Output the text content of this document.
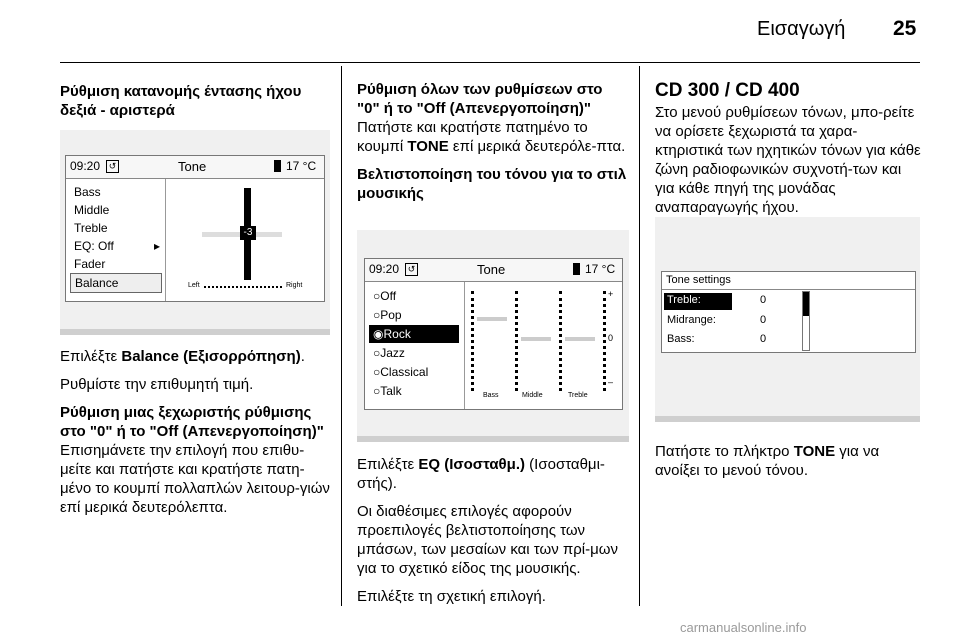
Εισαγωγή 25

Ρύθμιση κατανομής έντασης ήχου δεξιά - αριστερά

09:20 ↺	Tone	17 °C
Bass
Middle
Treble
EQ: Off	▸
Fader
Balance
-3
Left	Right

Επιλέξτε Balance (Εξισορρόπηση).

Ρυθμίστε την επιθυμητή τιμή.

Ρύθμιση μιας ξεχωριστής ρύθμισης στο "0" ή το "Off (Απενεργοποίηση)"

Επισημάνετε την επιλογή που επιθυ-μείτε και πατήστε και κρατήστε πατη-μένο το κουμπί πολλαπλών λειτουρ-γιών επί μερικά δευτερόλεπτα.

Ρύθμιση όλων των ρυθμίσεων στο "0" ή το "Off (Απενεργοποίηση)"

Πατήστε και κρατήστε πατημένο το κουμπί TONE επί μερικά δευτερόλε-πτα.

Βελτιστοποίηση του τόνου για το στιλ μουσικής

09:20 ↺	Tone	17 °C
○Off
○Pop
◉Rock
○Jazz
○Classical
○Talk
+
0
–
Bass	Middle	Treble

Επιλέξτε EQ (Ισοσταθμ.) (Ισοσταθμι-στής).

Οι διαθέσιμες επιλογές αφορούν προεπιλογές βελτιστοποίησης των μπάσων, των μεσαίων και των πρί-μων για το σχετικό είδος της μουσικής.

Επιλέξτε τη σχετική επιλογή.

CD 300 / CD 400

Στο μενού ρυθμίσεων τόνων, μπο-ρείτε να ορίσετε ξεχωριστά τα χαρα-κτηριστικά των ηχητικών τόνων για κάθε ζώνη ραδιοφωνικών συχνοτή-των και για κάθε πηγή της μονάδας αναπαραγωγής ήχου.

Tone settings
Treble:	0
Midrange:	0
Bass:	0

Πατήστε το πλήκτρο TONE για να ανοίξει το μενού τόνου.

carmanualsonline.info
